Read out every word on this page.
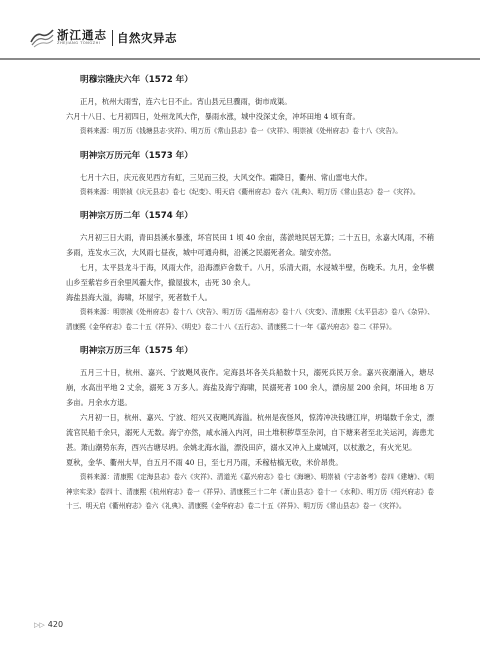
浙江通志
ZHEJIANG TONGZHI 自然灾异志
明穆宗隆庆六年（1572 年）

正月，杭州大雨雪，连六七日不止。宵山县元旦骤雨，街市成渠。
六月十八日、七月初四日，处州龙风大作，暴雨水涨，城中没深丈余，冲坏田地 4 顷有奇。

资料来源：明万历《钱塘县志·灾祥》、明万历《常山县志》卷一《灾祥》、明崇祯《处州府志》卷十八《灾告》。

明神宗万历元年（1573 年）

七月十六日，庆元夜见西方有虹，三见而三投，大风交作。霜降日，衢州、常山雷电大作。

资料来源：明崇祯《庆元县志》卷七《纪变》、明天启《衢州府志》卷六《礼典》、明万历《常山县志》卷一《灾祥》。

明神宗万历二年（1574 年）

六月初三日大雨，青田县溪水暴涨，坏官民田 1 顷 40 余亩，荡淤地民居无算；二十五日，永嘉大风雨，不稍多雨，连发水三次，大风雨七昼夜，城中可通舟楫，沿溪之民溺死者众。瑞安亦然。

七月，太平县龙斗于海，风雨大作，沿海漂庐舍数千。八月，乐清大雨，水浸城半壁，伤晚禾。九月，金华横山乡至紫岩乡百余里风霾大作，撤屋拔木，击死 30 余人。
海盐县海大溢，海啸，坏屋宇，死者数千人。

资料来源：明崇祯《处州府志》卷十八《灾告》、明万历《温州府志》卷十八《灾变》、清康熙《太平县志》卷八《杂异》、清康熙《金华府志》卷二十五《祥异》、《明史》卷二十八《五行志》、清康熙二十一年《嘉兴府志》卷二《祥异》。

明神宗万历三年（1575 年）

五月三十日，杭州、嘉兴、宁波飓风夜作。定海县坏各关兵船数十只，溺死兵民万余。嘉兴夜潮涌入，塘尽崩，水高出平地 2 丈余，溺死 3 万多人。海盐及海宁海啸，民溺死者 100 余人，漂房屋 200 余间，坏田地 8 万多亩。月余水方退。

六月初一日，杭州、嘉兴、宁波、绍兴又夜飓风海溢。杭州是夜怪风，惊涛冲决钱塘江岸，坍塌数千余丈，漂流官民船千余只，溺死人无数。海宁亦然，咸水涌入内河，田土堆积秽草至杂河，自下塘来者至北关运河，海患尤甚。萧山潮势东奔，西兴古塘尽坍。余姚北海水溢，漂没田庐，溺水又冲入上虞城河，以杖激之，有火光见。
夏秋，金华、衢州大旱，自五月不雨 40 日，至七月乃雨，禾稼枯槁无收，米价昂贵。

资料来源：清康熙《定海县志》卷六《灾祥》、清道光《嘉兴府志》卷七《海塘》、明崇祯《宁志备考》卷四《建塘》、《明神宗实录》卷四十、清康熙《杭州府志》卷一《祥异》、清康熙三十二年《萧山县志》卷十一《水利》、明万历《绍兴府志》卷十三、明天启《衢州府志》卷六《礼典》、清康熙《金华府志》卷二十五《祥异》、明万历《常山县志》卷一《灾祥》。

▷▷ 420
